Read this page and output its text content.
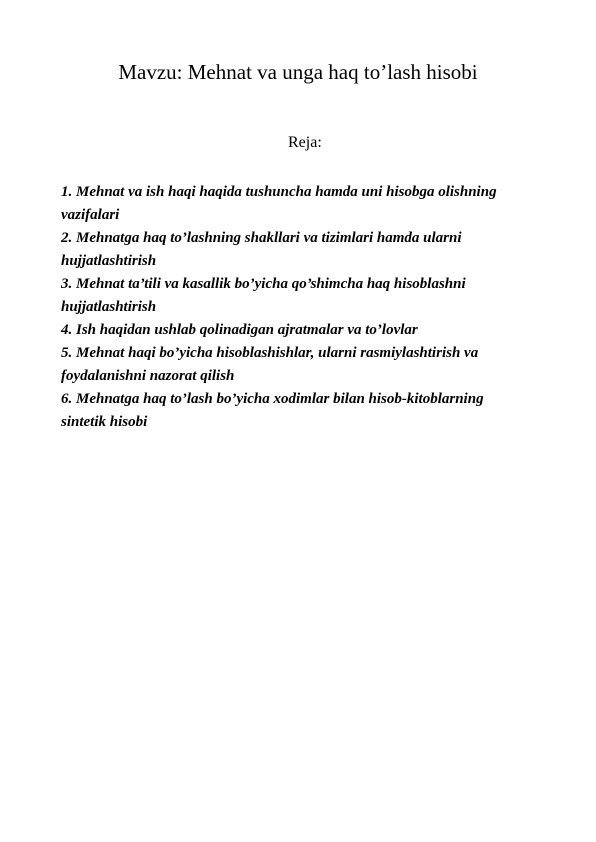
Mavzu: Mehnat va unga haq to’lash hisobi

Reja:

1. Mehnat va ish haqi haqida tushuncha hamda uni hisobga olishning
vazifalari
2. Mehnatga haq to’lashning shakllari va tizimlari hamda ularni
hujjatlashtirish
3. Mehnat ta’tili va kasallik bo’yicha qo’shimcha haq hisoblashni
hujjatlashtirish
4. Ish haqidan ushlab qolinadigan ajratmalar va to’lovlar
5. Mehnat haqi bo’yicha hisoblashishlar, ularni rasmiylashtirish va
foydalanishni nazorat qilish
6. Mehnatga haq to’lash bo’yicha xodimlar bilan hisob-kitoblarning
sintetik hisobi
